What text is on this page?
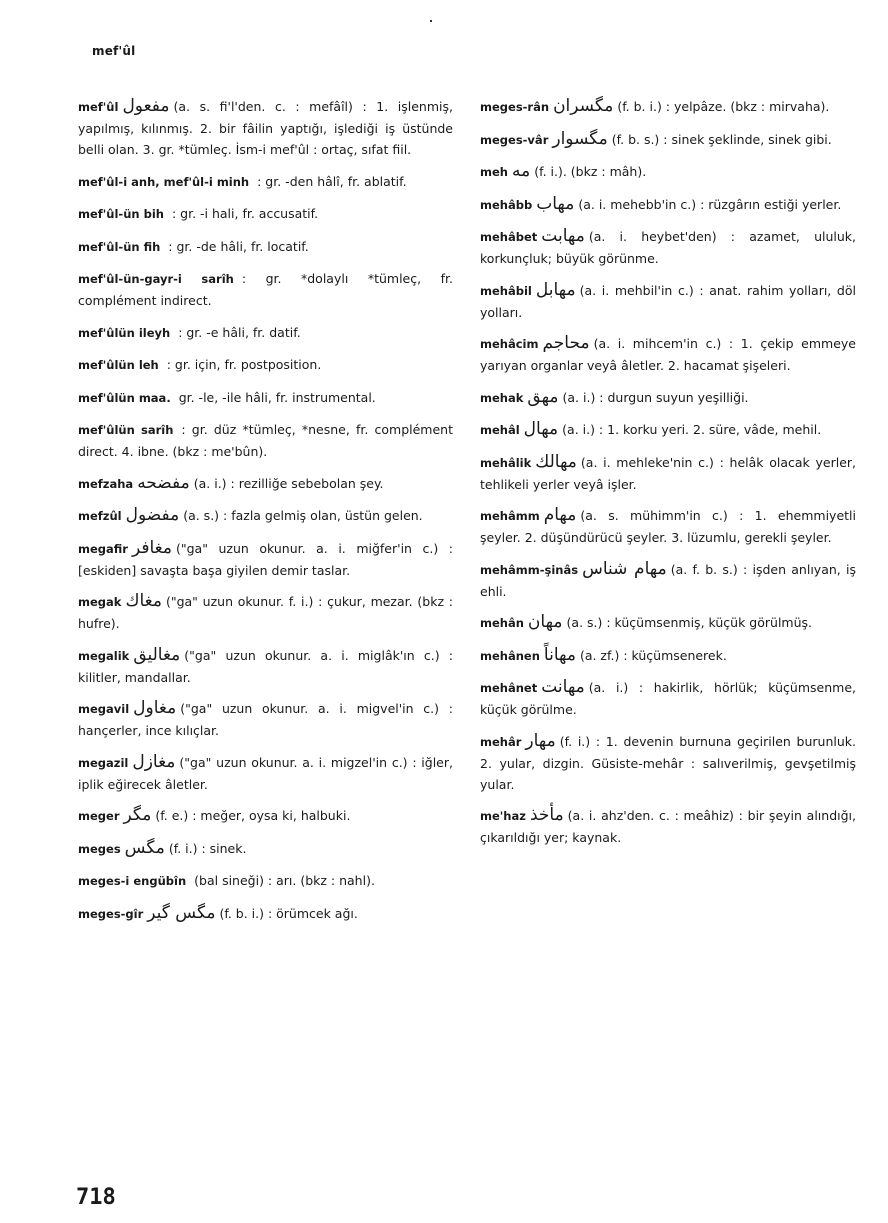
mef'ûl
mef'ûl مفعول (a. s. fi'l'den. c. : mefâîl) : 1. işlenmiş, yapılmış, kılınmış. 2. bir fâilin yaptığı, işlediği iş üstünde belli olan. 3. gr. *tümleç. İsm-i mef'ûl : ortaç, sıfat fiil.
mef'ûl-i anh, mef'ûl-i minh : gr. -den hâlî, fr. ablatif.
mef'ûl-ün bih : gr. -i hali, fr. accusatif.
mef'ûl-ün fih : gr. -de hâli, fr. locatif.
mef'ûl-ün-gayr-i sarîh : gr. *dolaylı *tümleç, fr. complément indirect.
mef'ûlün ileyh : gr. -e hâli, fr. datif.
mef'ûlün leh : gr. için, fr. postposition.
mef'ûlün maa. gr. -le, -ile hâli, fr. instrumental.
mef'ûlün sarîh : gr. düz *tümleç, *nesne, fr. complément direct. 4. ibne. (bkz : me'bûn).
mefzaha مفضحه (a. i.) : rezilliğe sebebolan şey.
mefzûl مفضول (a. s.) : fazla gelmiş olan, üstün gelen.
megafir مغافر ("ga" uzun okunur. a. i. miğfer'in c.) : [eskiden] savaşta başa giyilen demir taslar.
megak مغاك ("ga" uzun okunur. f. i.) : çukur, mezar. (bkz : hufre).
megalik مغاليق ("ga" uzun okunur. a. i. miglâk'ın c.) : kilitler, mandallar.
megavil مغاول ("ga" uzun okunur. a. i. migvel'in c.) : hançerler, ince kılıçlar.
megazil مغازل ("ga" uzun okunur. a. i. migzel'in c.) : iğler, iplik eğirecek âletler.
meger مگر (f. e.) : meğer, oysa ki, halbuki.
meges مگس (f. i.) : sinek.
meges-i engübîn (bal sineği) : arı. (bkz : nahl).
meges-gîr مگس گیر (f. b. i.) : örümcek ağı.
meges-rân مگسران (f. b. i.) : yelpâze. (bkz : mirvaha).
meges-vâr مگسوار (f. b. s.) : sinek şeklinde, sinek gibi.
meh مه (f. i.). (bkz : mâh).
mehâbb مهاب (a. i. mehebb'in c.) : rüzgârın estiği yerler.
mehâbet مهابت (a. i. heybet'den) : azamet, ululuk, korkunçluk; büyük görünme.
mehâbil مهابل (a. i. mehbil'in c.) : anat. rahim yolları, döl yolları.
mehâcim محاجم (a. i. mihcem'in c.) : 1. çekip emmeye yarıyan organlar veyâ âletler. 2. hacamat şişeleri.
mehak مهق (a. i.) : durgun suyun yeşilliği.
mehâl مهال (a. i.) : 1. korku yeri. 2. süre, vâde, mehil.
mehâlik مهالك (a. i. mehleke'nin c.) : helâk olacak yerler, tehlikeli yerler veyâ işler.
mehâmm مهام (a. s. mühimm'in c.) : 1. ehemmiyetli şeyler. 2. düşündürücü şeyler. 3. lüzumlu, gerekli şeyler.
mehâmm-şinâs مهام شناس (a. f. b. s.) : işden anlıyan, iş ehli.
mehân مهان (a. s.) : küçümsenmiş, küçük görülmüş.
mehânen مهاناً (a. zf.) : küçümsenerek.
mehânet مهانت (a. i.) : hakirlik, hörlük; küçümsenme, küçük görülme.
mehâr مهار (f. i.) : 1. devenin burnuna geçirilen burunluk. 2. yular, dizgin. Güsiste-mehâr : salıverilmiş, gevşetilmiş yular.
me'haz مأخذ (a. i. ahz'den. c. : meâhiz) : bir şeyin alındığı, çıkarıldığı yer; kaynak.
718
